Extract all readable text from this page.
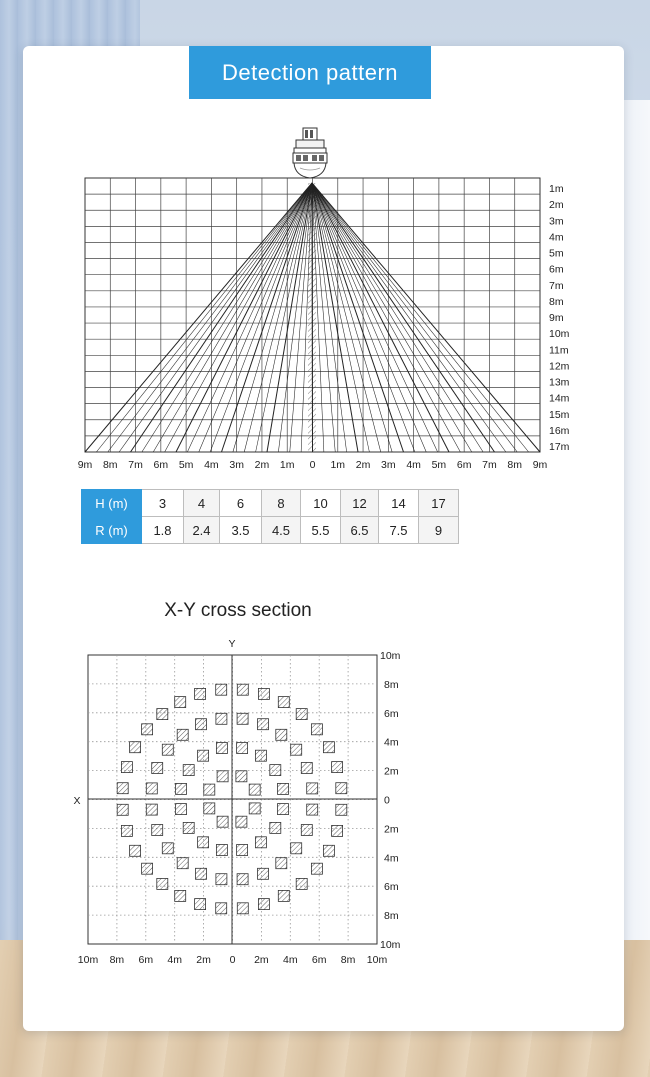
Detection pattern
1m
2m
3m
4m
5m
6m
7m
8m
9m
10m
11m
12m
13m
14m
15m
16m
17m
9m 8m 7m 6m 5m 4m 3m 2m 1m 0 1m 2m 3m 4m 5m 6m 7m 8m 9m
H (m)	3	4	6	8	10	12	14	17
R (m)	1.8	2.4	3.5	4.5	5.5	6.5	7.5	9
X-Y cross section
X
Y
10m 8m 6m 4m 2m 0 2m 4m 6m 8m 10m
10m
8m
6m
4m
2m
0
2m
4m
6m
8m
10m
